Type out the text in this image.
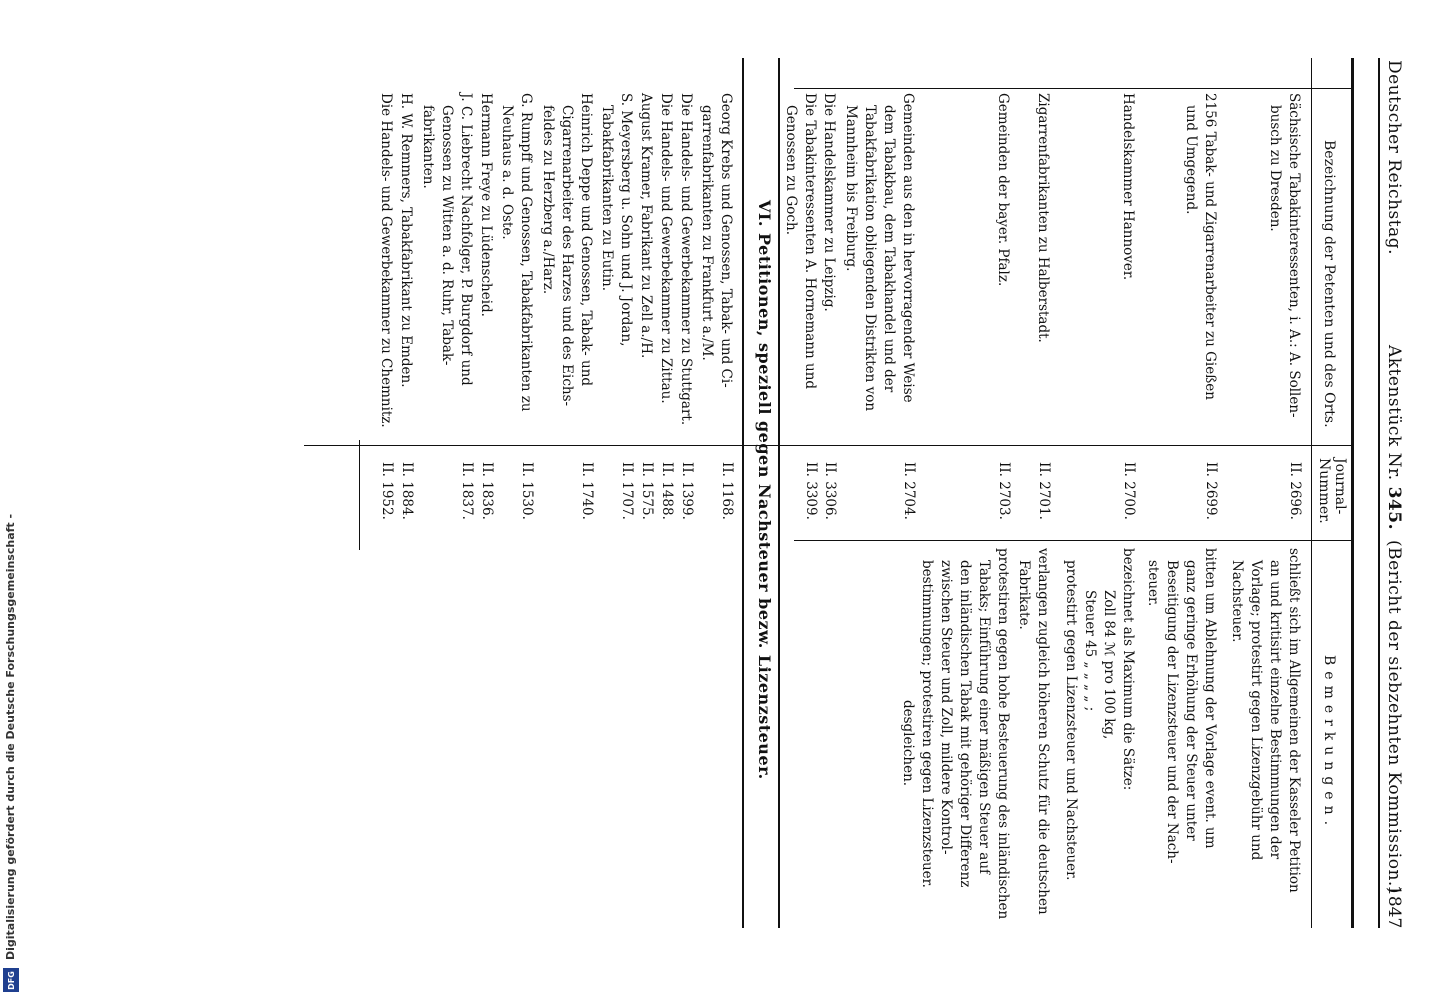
Deutscher Reichstag.
Aktenstück Nr. 345.
(Bericht der siebzehnten Kommission.)
1847
Bezeichnung der Petenten und des Orts.
Journal-
Nummer.
Bemerkungen.
Sächsische Tabakinteressenten, i. A.: A. Sollen-
busch zu Dresden.
II. 2696.
schließt sich im Allgemeinen der Kasseler Petition
an und kritisirt einzelne Bestimmungen der
Vorlage; protestirt gegen Lizenzgebühr und
Nachsteuer.
2156 Tabak- und Zigarrenarbeiter zu Gießen
und Umgegend.
II. 2699.
bitten um Ablehnung der Vorlage event. um
ganz geringe Erhöhung der Steuer unter
Beseitigung der Lizenzsteuer und der Nach-
steuer.
Handelskammer Hannover.
II. 2700.
bezeichnet als Maximum die Sätze:
Zoll 84 ℳ pro 100 kg,
Steuer 45 „ „ „ „ ;
protestirt gegen Lizenzsteuer und Nachsteuer.
Zigarrenfabrikanten zu Halberstadt.
II. 2701.
verlangen zugleich höheren Schutz für die deutschen
Fabrikate.
Gemeinden der bayer. Pfalz.
II. 2703.
protestiren gegen hohe Besteuerung des inländischen
Tabaks; Einführung einer mäßigen Steuer auf
den inländischen Tabak mit gehöriger Differenz
zwischen Steuer und Zoll, mildere Kontrol-
bestimmungen; protestiren gegen Lizenzsteuer.
Gemeinden aus den in hervorragender Weise
dem Tabakbau, dem Tabakhandel und der
Tabakfabrikation obliegenden Distrikten von
Mannheim bis Freiburg.
II. 2704.
desgleichen.
Die Handelskammer zu Leipzig.
II. 3306.
Die Tabakinteressenten A. Hornemann und
Genossen zu Goch.
II. 3309.
VI. Petitionen, speziell gegen Nachsteuer bezw. Lizenzsteuer.
Georg Krebs und Genossen, Tabak- und Ci-
garrenfabrikanten zu Frankfurt a./M.
II. 1168.
Die Handels- und Gewerbekammer zu Stuttgart.
II. 1399.
Die Handels- und Gewerbekammer zu Zittau.
II. 1488.
August Kramer, Fabrikant zu Zell a./H.
II. 1575.
S. Meyersberg u. Sohn und J. Jordan,
Tabakfabrikanten zu Eutin.
II. 1707.
Heinrich Deppe und Genossen, Tabak- und
Cigarrenarbeiter des Harzes und des Eichs-
feldes zu Herzberg a./Harz.
II. 1740.
G. Rumpff und Genossen, Tabakfabrikanten zu
Neuhaus a. d. Oste.
II. 1530.
Hermann Freye zu Lüdenscheid.
II. 1836.
J. C. Liebrecht Nachfolger, P. Burgdorf und
Genossen zu Witten a. d. Ruhr, Tabak-
fabrikanten.
II. 1837.
H. W. Remmers, Tabakfabrikant zu Emden.
II. 1884.
Die Handels- und Gewerbekammer zu Chemnitz.
II. 1952.
Digitalisierung gefördert durch die Deutsche Forschungsgemeinschaft -
DFG
